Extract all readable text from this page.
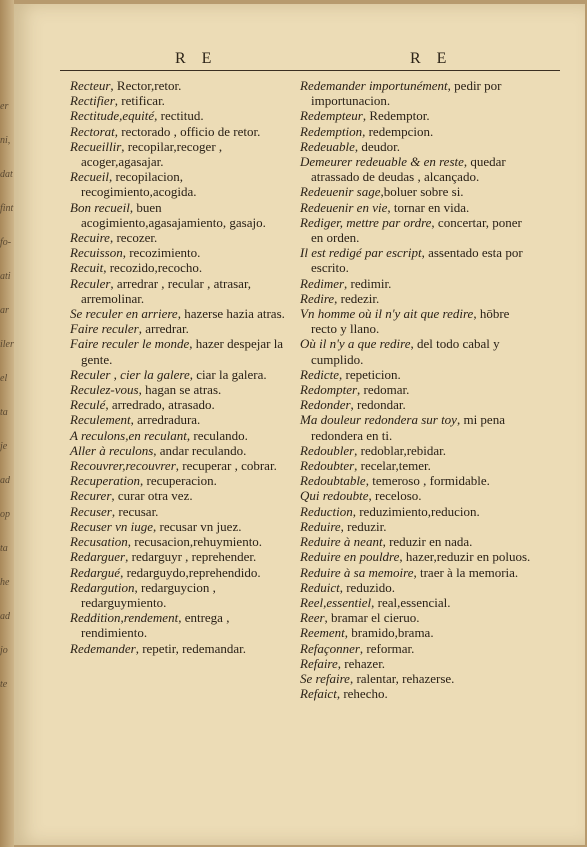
er
ni,
dat
fint
fo-
ati
ar
iler
el
ta
je
ad
op
ta
he
ad
jo
te
R E	R E
Recteur, Rector,retor.
Rectifier, retificar.
Rectitude,equité, rectitud.
Rectorat, rectorado , officio de retor.
Recueillir, recopilar,recoger , acoger,agasajar.
Recueil, recopilacion, recogimiento,acogida.
Bon recueil, buen acogimiento,agasajamiento, gasajo.
Recuire, recozer.
Recuisson, recozimiento.
Recuit, recozido,recocho.
Reculer, arredrar , recular , atrasar, arremolinar.
Se reculer en arriere, hazerse hazia atras.
Faire reculer, arredrar.
Faire reculer le monde, hazer despejar la gente.
Reculer , cier la galere, ciar la galera.
Reculez-vous, hagan se atras.
Reculé, arredrado, atrasado.
Reculement, arredradura.
A reculons,en reculant, reculando.
Aller à reculons, andar reculando.
Recouvrer,recouvrer, recuperar , cobrar.
Recuperation, recuperacion.
Recurer, curar otra vez.
Recuser, recusar.
Recuser vn iuge, recusar vn juez.
Recusation, recusacion,rehuymiento.
Redarguer, redarguyr , reprehender.
Redargué, redarguydo,reprehendido.
Redargution, redarguycion , redarguymiento.
Reddition,rendement, entrega , rendimiento.
Redemander, repetir, redemandar.
Redemander importunément, pedir por importunacion.
Redempteur, Redemptor.
Redemption, redempcion.
Redeuable, deudor.
Demeurer redeuable & en reste, quedar atrassado de deudas , alcançado.
Redeuenir sage,boluer sobre si.
Redeuenir en vie, tornar en vida.
Rediger, mettre par ordre, concertar, poner en orden.
Il est redigé par escript, assentado esta por escrito.
Redimer, redimir.
Redire, redezir.
Vn homme où il n'y ait que redire, hōbre recto y llano.
Où il n'y a que redire, del todo cabal y cumplido.
Redicte, repeticion.
Redompter, redomar.
Redonder, redondar.
Ma douleur redondera sur toy, mi pena redondera en ti.
Redoubler, redoblar,rebidar.
Redoubter, recelar,temer.
Redoubtable, temeroso , formidable.
Qui redoubte, receloso.
Reduction, reduzimiento,reducion.
Reduire, reduzir.
Reduire à neant, reduzir en nada.
Reduire en pouldre, hazer,reduzir en poluos.
Reduire à sa memoire, traer à la memoria.
Reduict, reduzido.
Reel,essentiel, real,essencial.
Reer, bramar el cieruo.
Reement, bramido,brama.
Refaçonner, reformar.
Refaire, rehazer.
Se refaire, ralentar, rehazerse.
Refaict, rehecho.
